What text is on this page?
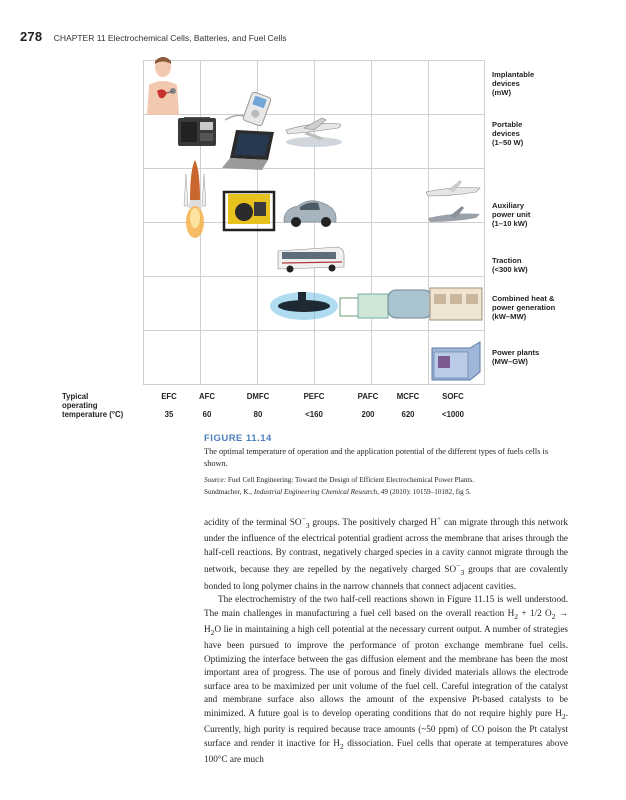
278 CHAPTER 11 Electrochemical Cells, Batteries, and Fuel Cells
Implantable
devices
(mW)
Portable
devices
(1–50 W)
Auxiliary
power unit
(1–10 kW)
Traction
(<300 kW)
Combined heat &
power generation
(kW–MW)
Power plants
(MW–GW)
Typical
operating
temperature (°C)
EFC	AFC	DMFC	PEFC	PAFC	MCFC	SOFC
35	60	80	<160	200	620	<1000
FIGURE 11.14
The optimal temperature of operation and the application potential of the different types of fuels cells is shown.
Source: Fuel Cell Engineering: Toward the Design of Efficient Electrochemical Power Plants.
Sundmacher, K., Industrial Engineering Chemical Research, 49 (2010): 10159–10182, fig 5.

acidity of the terminal $SO^-_3$ groups. The positively charged H+ can migrate through this network under the influence of the electrical potential gradient across the membrane that arises through the half-cell reactions. By contrast, negatively charged species in a cavity cannot migrate through the network, because they are repelled by the negatively charged $SO^-_3$ groups that are covalently bonded to long polymer chains in the narrow channels that connect adjacent cavities.

The electrochemistry of the two half-cell reactions shown in Figure 11.15 is well understood. The main challenges in manufacturing a fuel cell based on the overall reaction $H_2 + 1/2$ $O_2 \to H_2O$ lie in maintaining a high cell potential at the necessary current output. A number of strategies have been pursued to improve the performance of proton exchange membrane fuel cells. Optimizing the interface between the gas diffusion element and the membrane has been the most important area of progress. The use of porous and finely divided materials allows the electrode surface area to be maximized per unit volume of the fuel cell. Careful integration of the catalyst and membrane surface also allows the amount of the expensive Pt-based catalysts to be minimized. A future goal is to develop operating conditions that do not require highly pure $H_2$. Currently, high purity is required because trace amounts (~50 ppm) of CO poison the Pt catalyst surface and render it inactive for $H_2$ dissociation. Fuel cells that operate at temperatures above 100°C are much
